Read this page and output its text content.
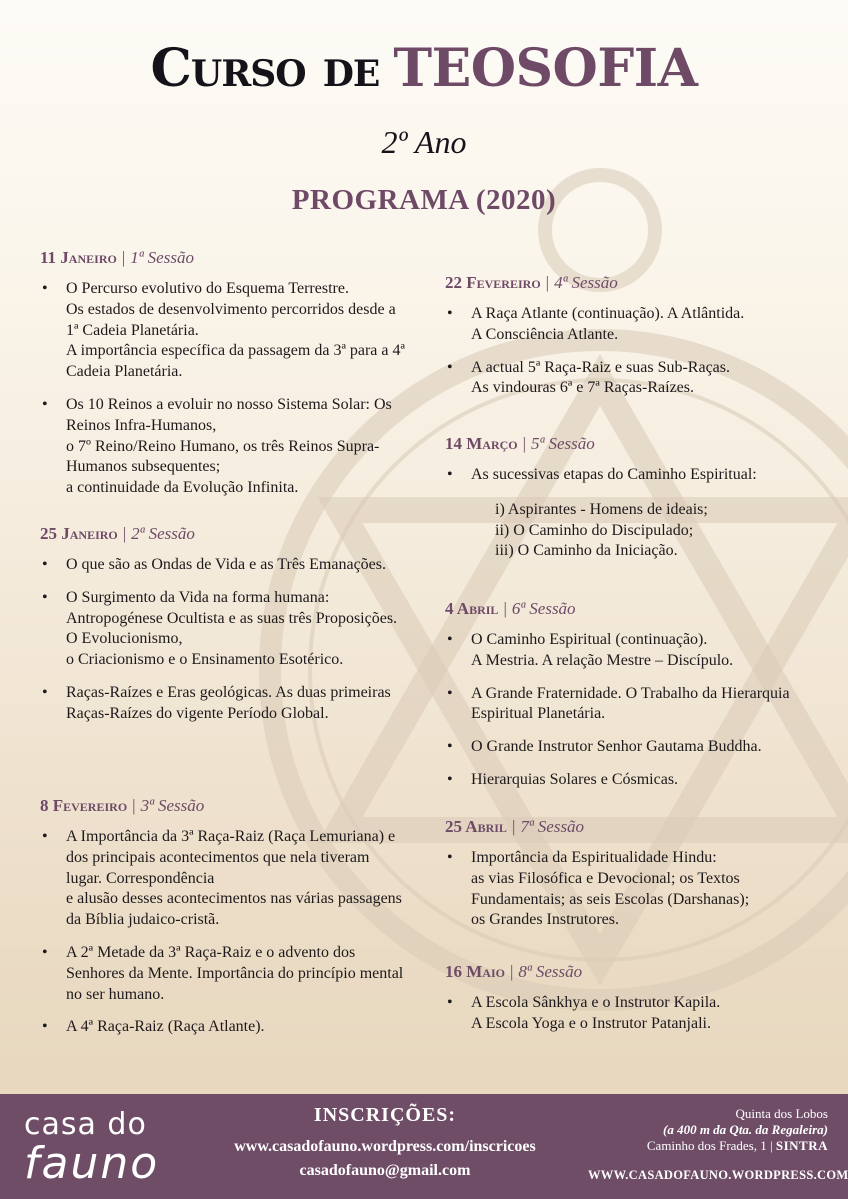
Curso de TEOSOFIA
2º Ano
PROGRAMA (2020)
11 Janeiro | 1ª Sessão
• O Percurso evolutivo do Esquema Terrestre.
Os estados de desenvolvimento percorridos desde a 1ª Cadeia Planetária.
A importância específica da passagem da 3ª para a 4ª Cadeia Planetária.
• Os 10 Reinos a evoluir no nosso Sistema Solar: Os Reinos Infra-Humanos,
o 7º Reino/Reino Humano, os três Reinos Supra-Humanos subsequentes;
a continuidade da Evolução Infinita.
25 Janeiro | 2ª Sessão
• O que são as Ondas de Vida e as Três Emanações.
• O Surgimento da Vida na forma humana: Antropogénese Ocultista e as suas três Proposições. O Evolucionismo,
o Criacionismo e o Ensinamento Esotérico.
• Raças-Raízes e Eras geológicas. As duas primeiras Raças-Raízes do vigente Período Global.
8 Fevereiro | 3ª Sessão
• A Importância da 3ª Raça-Raiz (Raça Lemuriana) e dos principais acontecimentos que nela tiveram lugar. Correspondência
e alusão desses acontecimentos nas várias passagens da Bíblia judaico-cristã.
• A 2ª Metade da 3ª Raça-Raiz e o advento dos Senhores da Mente. Importância do princípio mental no ser humano.
• A 4ª Raça-Raiz (Raça Atlante).
22 Fevereiro | 4ª Sessão
• A Raça Atlante (continuação). A Atlântida.
A Consciência Atlante.
• A actual 5ª Raça-Raiz e suas Sub-Raças.
As vindouras 6ª e 7ª Raças-Raízes.
14 Março | 5ª Sessão
• As sucessivas etapas do Caminho Espiritual:
i) Aspirantes - Homens de ideais;
ii) O Caminho do Discipulado;
iii) O Caminho da Iniciação.
4 Abril | 6ª Sessão
• O Caminho Espiritual (continuação).
A Mestria. A relação Mestre – Discípulo.
• A Grande Fraternidade. O Trabalho da Hierarquia Espiritual Planetária.
• O Grande Instrutor Senhor Gautama Buddha.
• Hierarquias Solares e Cósmicas.
25 Abril | 7ª Sessão
• Importância da Espiritualidade Hindu:
as vias Filosófica e Devocional; os Textos Fundamentais; as seis Escolas (Darshanas);
os Grandes Instrutores.
16 Maio | 8ª Sessão
• A Escola Sânkhya e o Instrutor Kapila.
A Escola Yoga e o Instrutor Patanjali.
casa do
fauno
INSCRIÇÕES:
www.casadofauno.wordpress.com/inscricoes
casadofauno@gmail.com
Quinta dos Lobos
(a 400 m da Qta. da Regaleira)
Caminho dos Frades, 1 | SINTRA
WWW.CASADOFAUNO.WORDPRESS.COM
